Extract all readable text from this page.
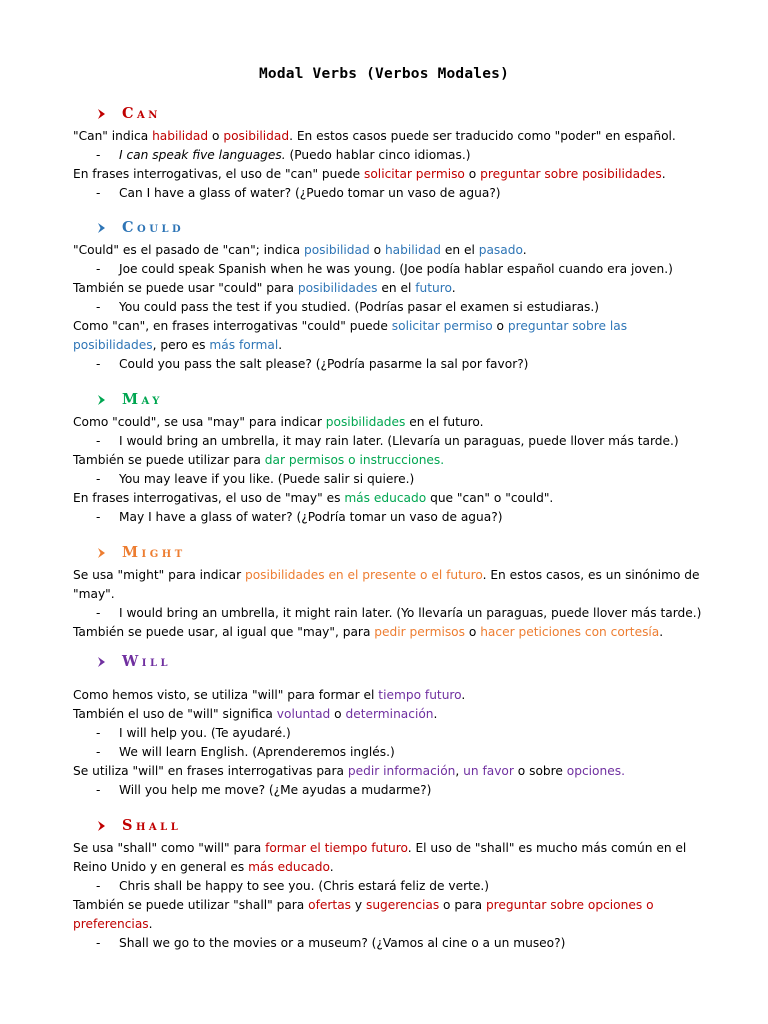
Modal Verbs (Verbos Modales)
Can
"Can" indica habilidad o posibilidad. En estos casos puede ser traducido como "poder" en español.
- I can speak five languages. (Puedo hablar cinco idiomas.)
En frases interrogativas, el uso de "can" puede solicitar permiso o preguntar sobre posibilidades.
- Can I have a glass of water? (¿Puedo tomar un vaso de agua?)
Could
"Could" es el pasado de "can"; indica posibilidad o habilidad en el pasado.
- Joe could speak Spanish when he was young. (Joe podía hablar español cuando era joven.)
También se puede usar "could" para posibilidades en el futuro.
- You could pass the test if you studied. (Podrías pasar el examen si estudiaras.)
Como "can", en frases interrogativas "could" puede solicitar permiso o preguntar sobre las posibilidades, pero es más formal.
- Could you pass the salt please? (¿Podría pasarme la sal por favor?)
May
Como "could", se usa "may" para indicar posibilidades en el futuro.
- I would bring an umbrella, it may rain later. (Llevaría un paraguas, puede llover más tarde.)
También se puede utilizar para dar permisos o instrucciones.
- You may leave if you like. (Puede salir si quiere.)
En frases interrogativas, el uso de "may" es más educado que "can" o "could".
- May I have a glass of water? (¿Podría tomar un vaso de agua?)
Might
Se usa "might" para indicar posibilidades en el presente o el futuro. En estos casos, es un sinónimo de "may".
- I would bring an umbrella, it might rain later. (Yo llevaría un paraguas, puede llover más tarde.)
También se puede usar, al igual que "may", para pedir permisos o hacer peticiones con cortesía.
Will
Como hemos visto, se utiliza "will" para formar el tiempo futuro.
También el uso de "will" significa voluntad o determinación.
- I will help you. (Te ayudaré.)
- We will learn English. (Aprenderemos inglés.)
Se utiliza "will" en frases interrogativas para pedir información, un favor o sobre opciones.
- Will you help me move? (¿Me ayudas a mudarme?)
Shall
Se usa "shall" como "will" para formar el tiempo futuro. El uso de "shall" es mucho más común en el Reino Unido y en general es más educado.
- Chris shall be happy to see you. (Chris estará feliz de verte.)
También se puede utilizar "shall" para ofertas y sugerencias o para preguntar sobre opciones o preferencias.
- Shall we go to the movies or a museum? (¿Vamos al cine o a un museo?)
